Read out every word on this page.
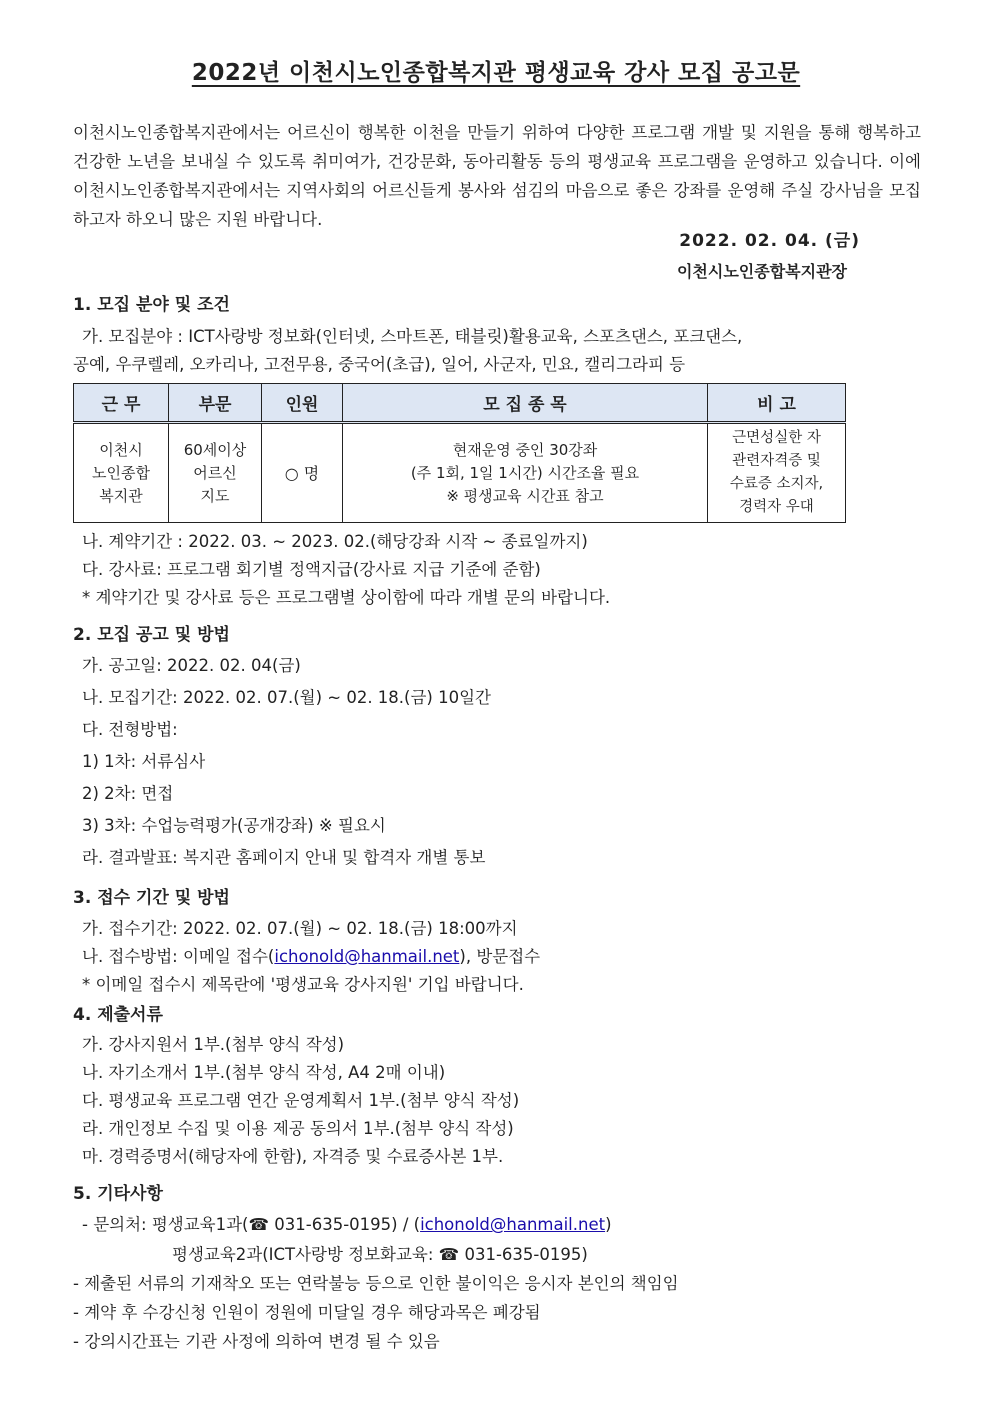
2022년 이천시노인종합복지관 평생교육 강사 모집 공고문

이천시노인종합복지관에서는 어르신이 행복한 이천을 만들기 위하여 다양한 프로그램 개발 및 지원을 통해 행복하고 건강한 노년을 보내실 수 있도록 취미여가, 건강문화, 동아리활동 등의 평생교육 프로그램을 운영하고 있습니다. 이에 이천시노인종합복지관에서는 지역사회의 어르신들게 봉사와 섬김의 마음으로 좋은 강좌를 운영해 주실 강사님을 모집하고자 하오니 많은 지원 바랍니다.

2022. 02. 04. (금)
이천시노인종합복지관장
1. 모집 분야 및 조건
가. 모집분야 : ICT사랑방 정보화(인터넷, 스마트폰, 태블릿)활용교육, 스포츠댄스, 포크댄스,
공예, 우쿠렐레, 오카리나, 고전무용, 중국어(초급), 일어, 사군자, 민요, 캘리그라피 등
근 무	부문	인원	모 집 종 목	비 고

이천시
노인종합
복지관	60세이상
어르신
지도	○ 명	현재운영 중인 30강좌
(주 1회, 1일 1시간) 시간조율 필요
※ 평생교육 시간표 참고	근면성실한 자
관련자격증 및
수료증 소지자,
경력자 우대
나. 계약기간 : 2022. 03. ~ 2023. 02.(해당강좌 시작 ~ 종료일까지)
다. 강사료: 프로그램 회기별 정액지급(강사료 지급 기준에 준함)
* 계약기간 및 강사료 등은 프로그램별 상이함에 따라 개별 문의 바랍니다.
2. 모집 공고 및 방법
가. 공고일: 2022. 02. 04(금)
나. 모집기간: 2022. 02. 07.(월) ~ 02. 18.(금) 10일간
다. 전형방법:
1) 1차: 서류심사
2) 2차: 면접
3) 3차: 수업능력평가(공개강좌) ※ 필요시
라. 결과발표: 복지관 홈페이지 안내 및 합격자 개별 통보
3. 접수 기간 및 방법
가. 접수기간: 2022. 02. 07.(월) ~ 02. 18.(금) 18:00까지
나. 접수방법: 이메일 접수(ichonold@hanmail.net), 방문접수
* 이메일 접수시 제목란에 '평생교육 강사지원' 기입 바랍니다.
4. 제출서류
가. 강사지원서 1부.(첨부 양식 작성)
나. 자기소개서 1부.(첨부 양식 작성, A4 2매 이내)
다. 평생교육 프로그램 연간 운영계획서 1부.(첨부 양식 작성)
라. 개인정보 수집 및 이용 제공 동의서 1부.(첨부 양식 작성)
마. 경력증명서(해당자에 한함), 자격증 및 수료증사본 1부.
5. 기타사항
- 문의처: 평생교육1과(☎ 031-635-0195) / (ichonold@hanmail.net)
평생교육2과(ICT사랑방 정보화교육: ☎ 031-635-0195)
- 제출된 서류의 기재착오 또는 연락불능 등으로 인한 불이익은 응시자 본인의 책임임
- 계약 후 수강신청 인원이 정원에 미달일 경우 해당과목은 폐강됨
- 강의시간표는 기관 사정에 의하여 변경 될 수 있음
